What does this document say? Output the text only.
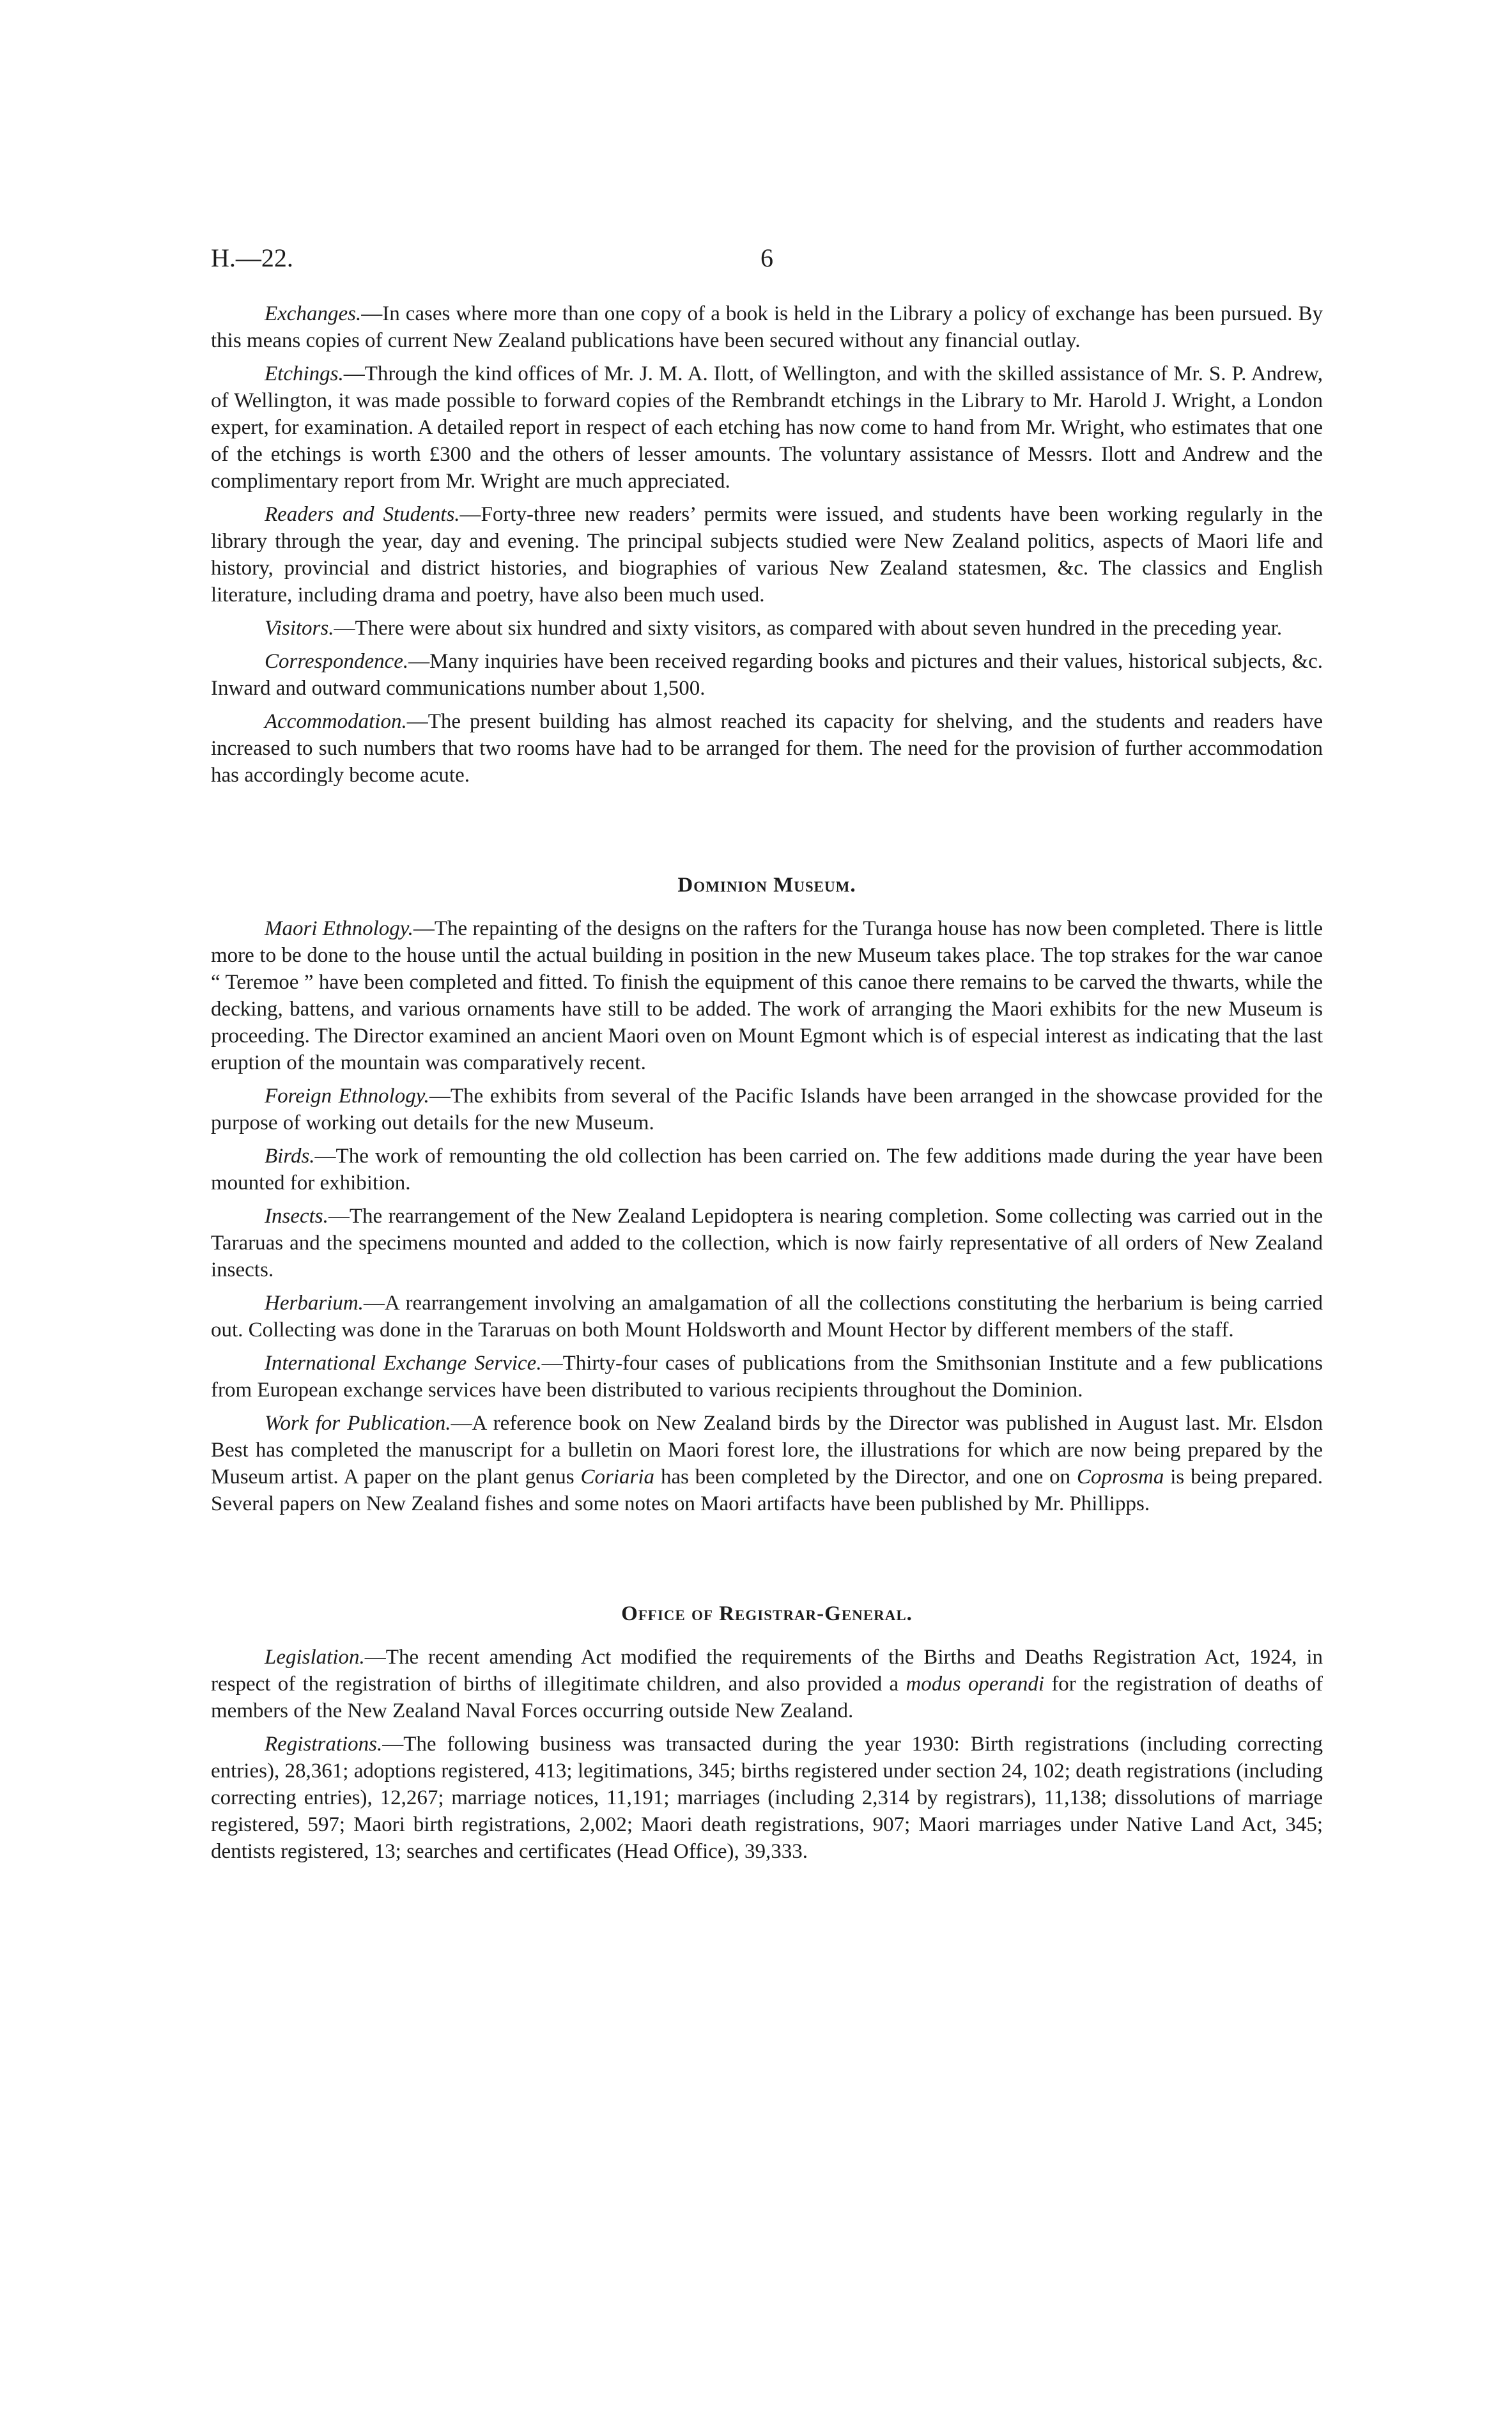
H.—22.	6

Exchanges.—In cases where more than one copy of a book is held in the Library a policy of exchange has been pursued. By this means copies of current New Zealand publications have been secured without any financial outlay.

Etchings.—Through the kind offices of Mr. J. M. A. Ilott, of Wellington, and with the skilled assistance of Mr. S. P. Andrew, of Wellington, it was made possible to forward copies of the Rembrandt etchings in the Library to Mr. Harold J. Wright, a London expert, for examination. A detailed report in respect of each etching has now come to hand from Mr. Wright, who estimates that one of the etchings is worth £300 and the others of lesser amounts. The voluntary assistance of Messrs. Ilott and Andrew and the complimentary report from Mr. Wright are much appreciated.

Readers and Students.—Forty-three new readers’ permits were issued, and students have been working regularly in the library through the year, day and evening. The principal subjects studied were New Zealand politics, aspects of Maori life and history, provincial and district histories, and biographies of various New Zealand statesmen, &c. The classics and English literature, including drama and poetry, have also been much used.

Visitors.—There were about six hundred and sixty visitors, as compared with about seven hundred in the preceding year.

Correspondence.—Many inquiries have been received regarding books and pictures and their values, historical subjects, &c. Inward and outward communications number about 1,500.

Accommodation.—The present building has almost reached its capacity for shelving, and the students and readers have increased to such numbers that two rooms have had to be arranged for them. The need for the provision of further accommodation has accordingly become acute.

Dominion Museum.

Maori Ethnology.—The repainting of the designs on the rafters for the Turanga house has now been completed. There is little more to be done to the house until the actual building in position in the new Museum takes place. The top strakes for the war canoe “ Teremoe ” have been completed and fitted. To finish the equipment of this canoe there remains to be carved the thwarts, while the decking, battens, and various ornaments have still to be added. The work of arranging the Maori exhibits for the new Museum is proceeding. The Director examined an ancient Maori oven on Mount Egmont which is of especial interest as indicating that the last eruption of the mountain was comparatively recent.

Foreign Ethnology.—The exhibits from several of the Pacific Islands have been arranged in the showcase provided for the purpose of working out details for the new Museum.

Birds.—The work of remounting the old collection has been carried on. The few additions made during the year have been mounted for exhibition.

Insects.—The rearrangement of the New Zealand Lepidoptera is nearing completion. Some collecting was carried out in the Tararuas and the specimens mounted and added to the collection, which is now fairly representative of all orders of New Zealand insects.

Herbarium.—A rearrangement involving an amalgamation of all the collections constituting the herbarium is being carried out. Collecting was done in the Tararuas on both Mount Holdsworth and Mount Hector by different members of the staff.

International Exchange Service.—Thirty-four cases of publications from the Smithsonian Institute and a few publications from European exchange services have been distributed to various recipients throughout the Dominion.

Work for Publication.—A reference book on New Zealand birds by the Director was published in August last. Mr. Elsdon Best has completed the manuscript for a bulletin on Maori forest lore, the illustrations for which are now being prepared by the Museum artist. A paper on the plant genus Coriaria has been completed by the Director, and one on Coprosma is being prepared. Several papers on New Zealand fishes and some notes on Maori artifacts have been published by Mr. Phillipps.

Office of Registrar-General.

Legislation.—The recent amending Act modified the requirements of the Births and Deaths Registration Act, 1924, in respect of the registration of births of illegitimate children, and also provided a modus operandi for the registration of deaths of members of the New Zealand Naval Forces occurring outside New Zealand.

Registrations.—The following business was transacted during the year 1930: Birth registrations (including correcting entries), 28,361; adoptions registered, 413; legitimations, 345; births registered under section 24, 102; death registrations (including correcting entries), 12,267; marriage notices, 11,191; marriages (including 2,314 by registrars), 11,138; dissolutions of marriage registered, 597; Maori birth registrations, 2,002; Maori death registrations, 907; Maori marriages under Native Land Act, 345; dentists registered, 13; searches and certificates (Head Office), 39,333.
